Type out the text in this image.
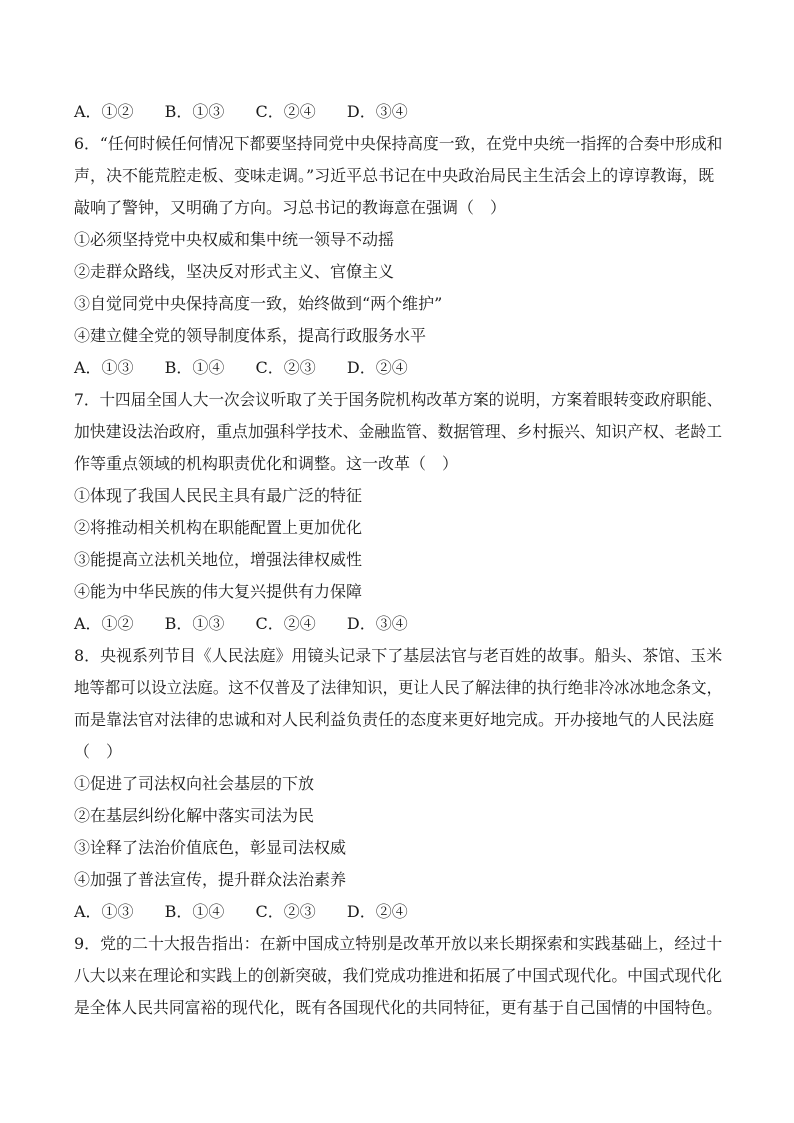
A．①② B．①③ C．②④ D．③④
6．“任何时候任何情况下都要坚持同党中央保持高度一致，在党中央统一指挥的合奏中形成和
声，决不能荒腔走板、变味走调。”习近平总书记在中央政治局民主生活会上的谆谆教诲，既
敲响了警钟，又明确了方向。习总书记的教诲意在强调（　）
①必须坚持党中央权威和集中统一领导不动摇
②走群众路线，坚决反对形式主义、官僚主义
③自觉同党中央保持高度一致，始终做到“两个维护”
④建立健全党的领导制度体系，提高行政服务水平
A．①③ B．①④ C．②③ D．②④
7．十四届全国人大一次会议听取了关于国务院机构改革方案的说明，方案着眼转变政府职能、
加快建设法治政府，重点加强科学技术、金融监管、数据管理、乡村振兴、知识产权、老龄工
作等重点领域的机构职责优化和调整。这一改革（　）
①体现了我国人民民主具有最广泛的特征
②将推动相关机构在职能配置上更加优化
③能提高立法机关地位，增强法律权威性
④能为中华民族的伟大复兴提供有力保障
A．①② B．①③ C．②④ D．③④
8．央视系列节目《人民法庭》用镜头记录下了基层法官与老百姓的故事。船头、茶馆、玉米
地等都可以设立法庭。这不仅普及了法律知识，更让人民了解法律的执行绝非冷冰冰地念条文，
而是靠法官对法律的忠诚和对人民利益负责任的态度来更好地完成。开办接地气的人民法庭
（　）
①促进了司法权向社会基层的下放
②在基层纠纷化解中落实司法为民
③诠释了法治价值底色，彰显司法权威
④加强了普法宣传，提升群众法治素养
A．①③ B．①④ C．②③ D．②④
9．党的二十大报告指出：在新中国成立特别是改革开放以来长期探索和实践基础上，经过十
八大以来在理论和实践上的创新突破，我们党成功推进和拓展了中国式现代化。中国式现代化
是全体人民共同富裕的现代化，既有各国现代化的共同特征，更有基于自己国情的中国特色。
